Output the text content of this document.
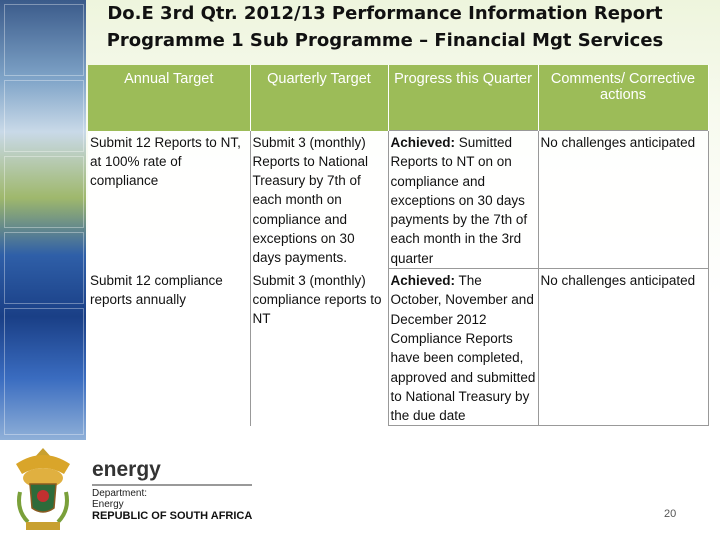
Do.E 3rd Qtr. 2012/13 Performance Information Report
Programme 1 Sub Programme – Financial Mgt Services
Annual Target	Quarterly Target	Progress this Quarter	Comments/ Corrective actions
Submit 12 Reports to NT, at 100% rate of compliance	Submit 3 (monthly) Reports to National Treasury by 7th of each month on compliance and exceptions on 30 days payments.	Achieved: Sumitted Reports to NT on on compliance and exceptions on 30 days payments by the 7th of each month in the 3rd quarter	No challenges anticipated
Submit 12 compliance reports annually	Submit 3 (monthly) compliance reports to NT	Achieved: The October, November and December 2012 Compliance Reports have been completed, approved and submitted to National Treasury by the due date	No challenges anticipated
energy
Department:
Energy
REPUBLIC OF SOUTH AFRICA	20
